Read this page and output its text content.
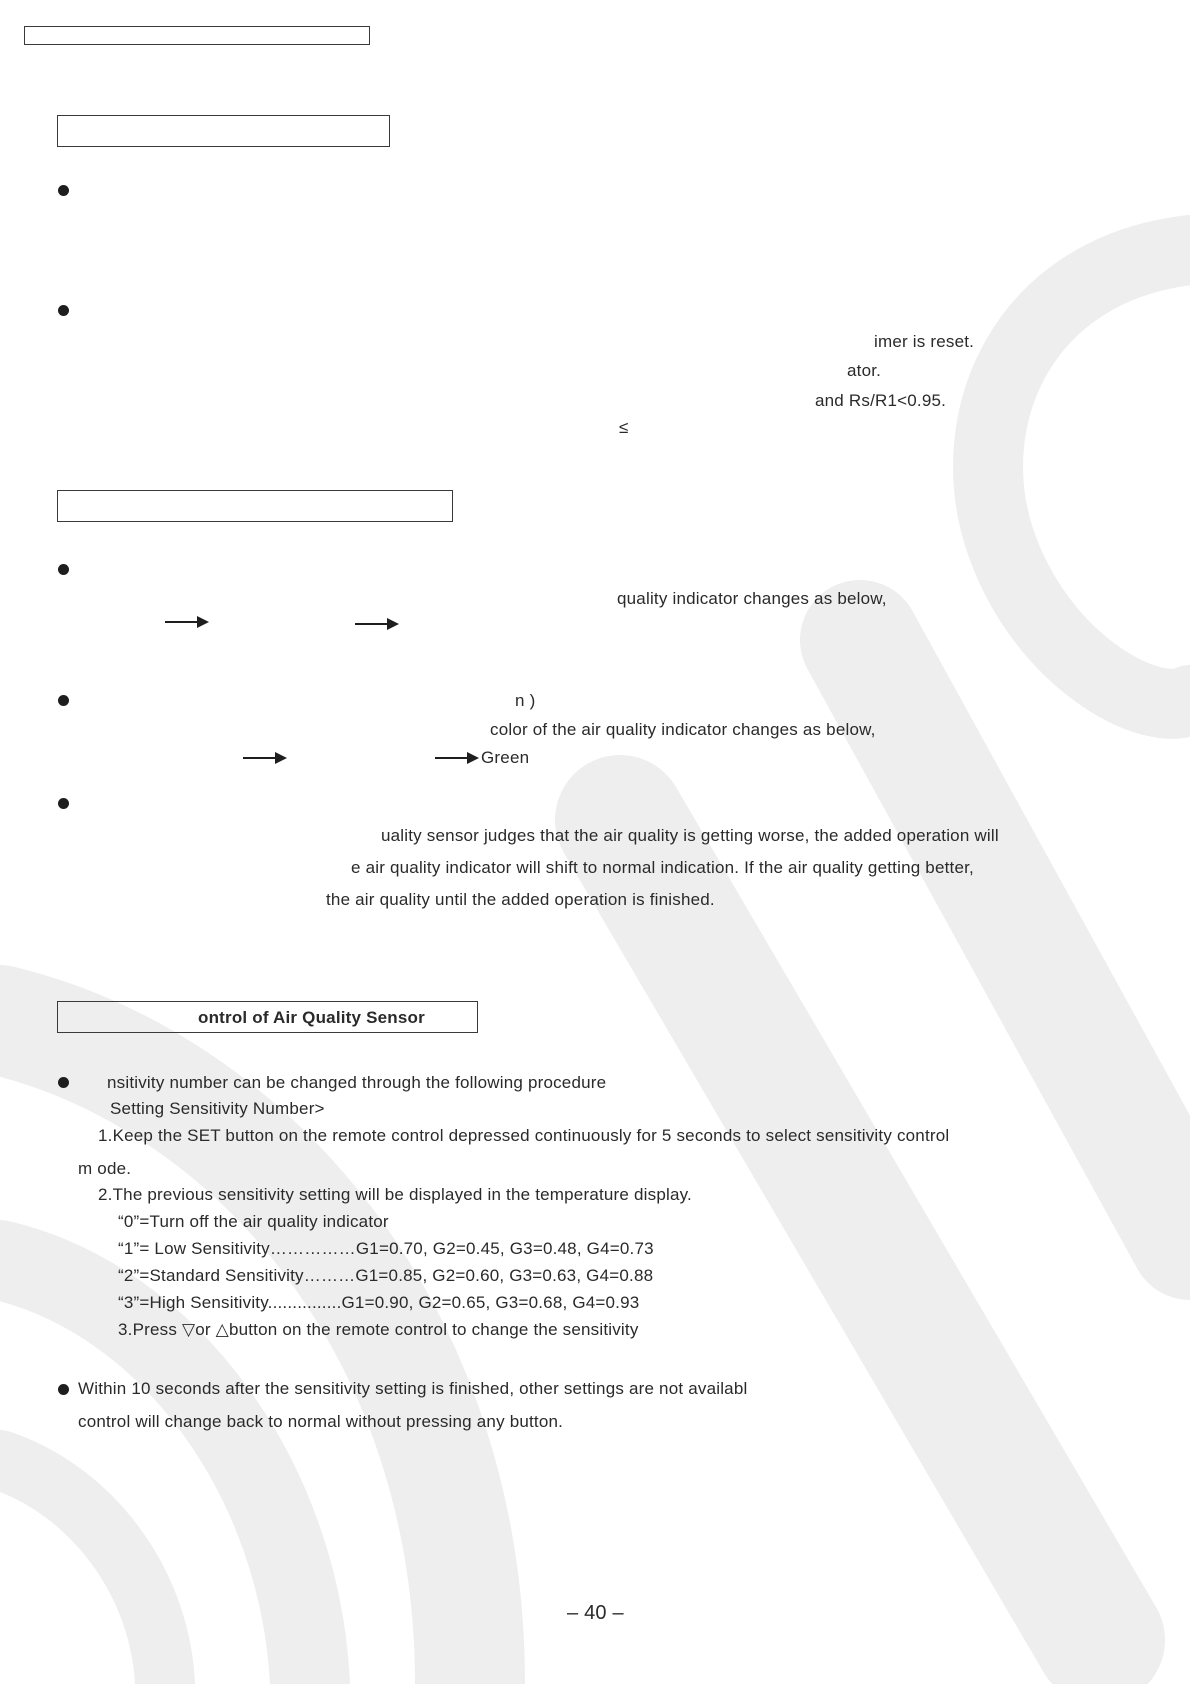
imer is reset.
ator.
and Rs/R1<0.95.
≤
quality indicator changes as below,
n )
color of the air quality indicator changes as below,
Green
uality sensor judges that the air quality is getting worse, the added operation will
e air quality indicator will shift to normal indication. If the air quality getting better,
the air quality until the added operation is finished.
ontrol of Air Quality Sensor
nsitivity number can be changed through the following procedure
Setting Sensitivity Number>
1.Keep the SET button on the remote control depressed continuously for 5 seconds to select sensitivity control
m ode.
2.The previous sensitivity setting will be displayed in the temperature display.
“0”=Turn off the air quality indicator
“1”= Low Sensitivity……………G1=0.70, G2=0.45, G3=0.48, G4=0.73
“2”=Standard Sensitivity………G1=0.85, G2=0.60, G3=0.63, G4=0.88
“3”=High Sensitivity...............G1=0.90, G2=0.65, G3=0.68, G4=0.93
3.Press ▽or △button on the remote control to change the sensitivity
Within 10 seconds after the sensitivity setting is finished, other settings are not availabl
control will change back to normal without pressing any button.
– 40 –
